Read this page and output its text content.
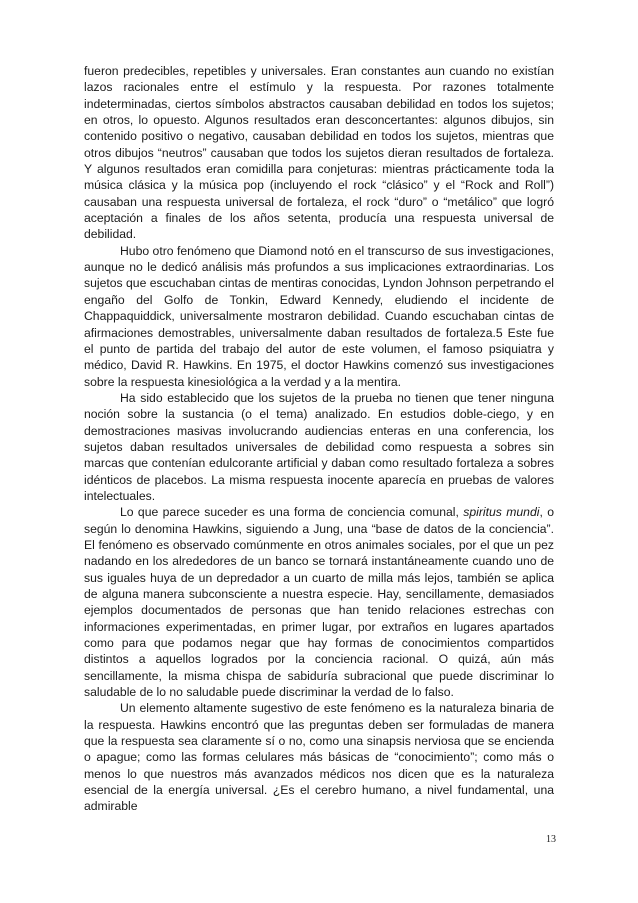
fueron predecibles, repetibles y universales. Eran constantes aun cuando no existían lazos racionales entre el estímulo y la respuesta. Por razones totalmente indeterminadas, ciertos símbolos abstractos causaban debilidad en todos los sujetos; en otros, lo opuesto. Algunos resultados eran desconcertantes: algunos dibujos, sin contenido positivo o negativo, causaban debilidad en todos los sujetos, mientras que otros dibujos “neutros” causaban que todos los sujetos dieran resultados de fortaleza. Y algunos resultados eran comidilla para conjeturas: mientras prácticamente toda la música clásica y la música pop (incluyendo el rock “clásico” y el “Rock and Roll”) causaban una respuesta universal de fortaleza, el rock “duro” o “metálico” que logró aceptación a finales de los años setenta, producía una respuesta universal de debilidad.

Hubo otro fenómeno que Diamond notó en el transcurso de sus investigaciones, aunque no le dedicó análisis más profundos a sus implicaciones extraordinarias. Los sujetos que escuchaban cintas de mentiras conocidas, Lyndon Johnson perpetrando el engaño del Golfo de Tonkin, Edward Kennedy, eludiendo el incidente de Chappaquiddick, universalmente mostraron debilidad. Cuando escuchaban cintas de afirmaciones demostrables, universalmente daban resultados de fortaleza.5 Este fue el punto de partida del trabajo del autor de este volumen, el famoso psiquiatra y médico, David R. Hawkins. En 1975, el doctor Hawkins comenzó sus investigaciones sobre la respuesta kinesiológica a la verdad y a la mentira.

Ha sido establecido que los sujetos de la prueba no tienen que tener ninguna noción sobre la sustancia (o el tema) analizado. En estudios doble-ciego, y en demostraciones masivas involucrando audiencias enteras en una conferencia, los sujetos daban resultados universales de debilidad como respuesta a sobres sin marcas que contenían edulcorante artificial y daban como resultado fortaleza a sobres idénticos de placebos. La misma respuesta inocente aparecía en pruebas de valores intelectuales.

Lo que parece suceder es una forma de conciencia comunal, spiritus mundi, o según lo denomina Hawkins, siguiendo a Jung, una “base de datos de la conciencia”. El fenómeno es observado comúnmente en otros animales sociales, por el que un pez nadando en los alrededores de un banco se tornará instantáneamente cuando uno de sus iguales huya de un depredador a un cuarto de milla más lejos, también se aplica de alguna manera subconsciente a nuestra especie. Hay, sencillamente, demasiados ejemplos documentados de personas que han tenido relaciones estrechas con informaciones experimentadas, en primer lugar, por extraños en lugares apartados como para que podamos negar que hay formas de conocimientos compartidos distintos a aquellos logrados por la conciencia racional. O quizá, aún más sencillamente, la misma chispa de sabiduría subracional que puede discriminar lo saludable de lo no saludable puede discriminar la verdad de lo falso.

Un elemento altamente sugestivo de este fenómeno es la naturaleza binaria de la respuesta. Hawkins encontró que las preguntas deben ser formuladas de manera que la respuesta sea claramente sí o no, como una sinapsis nerviosa que se encienda o apague; como las formas celulares más básicas de “conocimiento”; como más o menos lo que nuestros más avanzados médicos nos dicen que es la naturaleza esencial de la energía universal. ¿Es el cerebro humano, a nivel fundamental, una admirable

13
